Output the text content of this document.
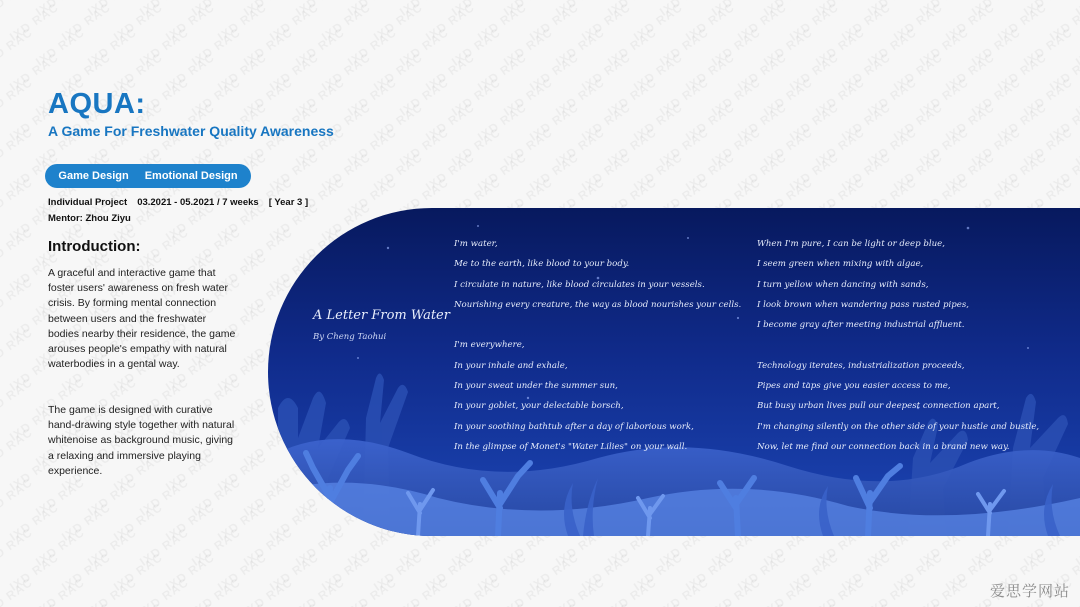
AQUA:
A Game For Freshwater Quality Awareness
Game Design Emotional Design
Individual Project 03.2021 - 05.2021 / 7 weeks [ Year 3 ]
Mentor: Zhou Ziyu
Introduction:

A graceful and interactive game that foster users' awareness on fresh water crisis. By forming mental connection between users and the freshwater bodies nearby their residence, the game arouses people's empathy with natural waterbodies in a gental way.

The game is designed with curative hand-drawing style together with natural whitenoise as background music, giving a relaxing and immersive playing experience.

A Letter From Water
By Cheng Taohui
I'm water,
Me to the earth, like blood to your body.
I circulate in nature, like blood circulates in your vessels.
Nourishing every creature, the way as blood nourishes your cells.
I'm everywhere,
In your inhale and exhale,
In your sweat under the summer sun,
In your goblet, your delectable borsch,
In your soothing bathtub after a day of laborious work,
In the glimpse of Monet's "Water Lilies" on your wall.
When I'm pure, I can be light or deep blue,
I seem green when mixing with algae,
I turn yellow when dancing with sands,
I look brown when wandering pass rusted pipes,
I become gray after meeting industrial affluent.
Technology iterates, industrialization proceeds,
Pipes and taps give you easier access to me,
But busy urban lives pull our deepest connection apart,
I'm changing silently on the other side of your hustle and bustle,
Now, let me find our connection back in a brand new way.
爱思学网站
